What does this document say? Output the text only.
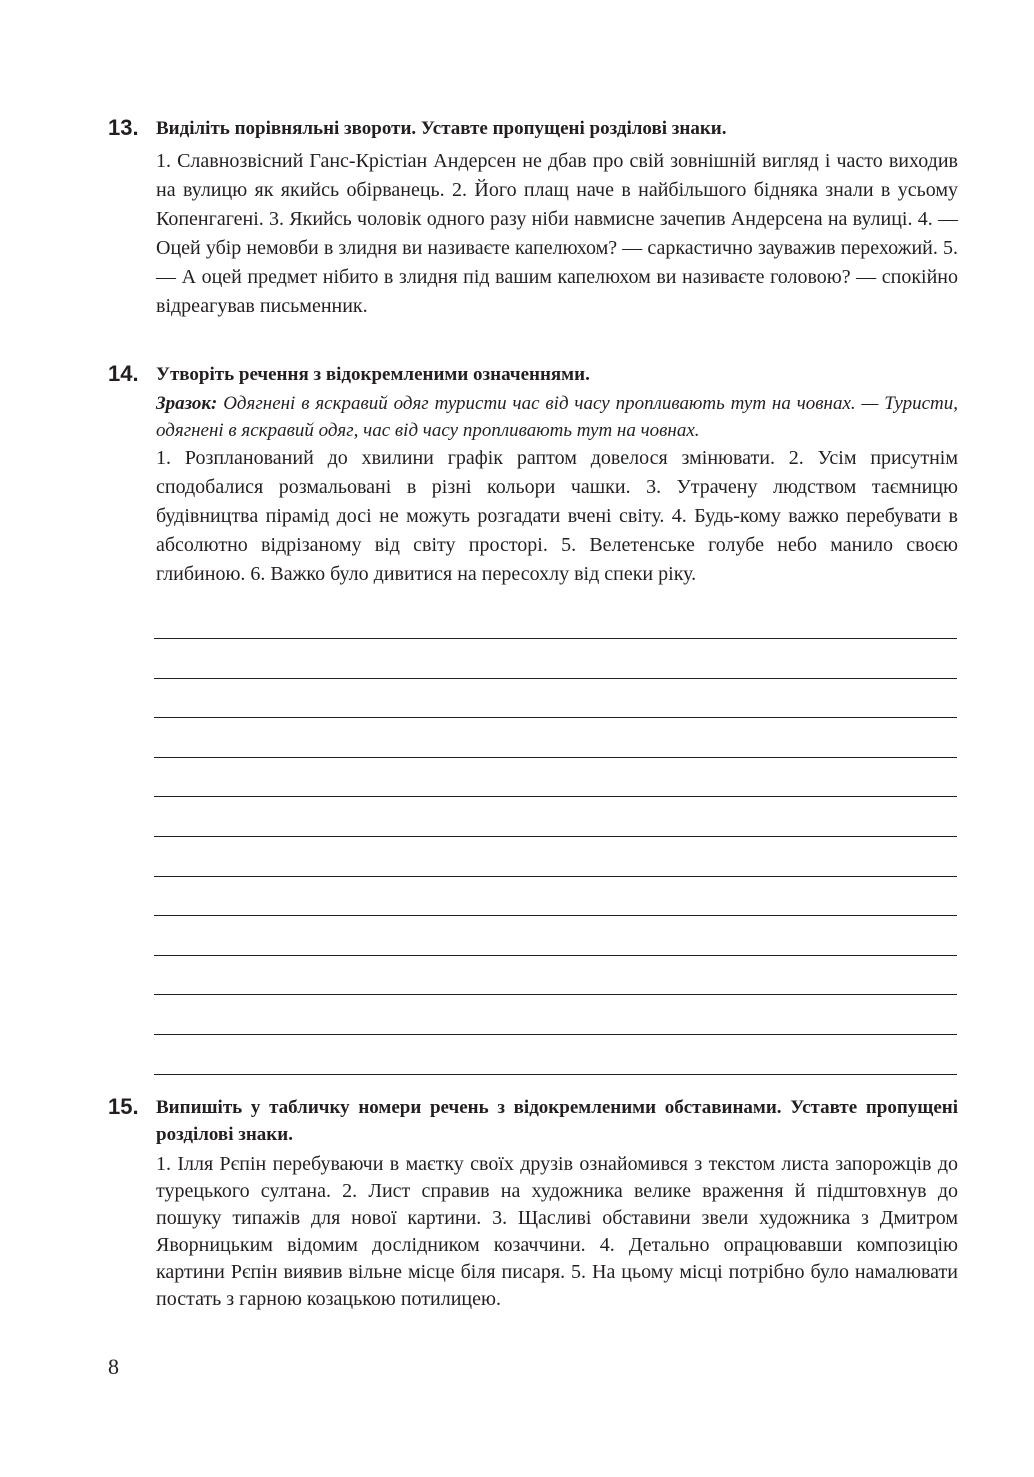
13. Виділіть порівняльні звороти. Уставте пропущені розділові знаки.
1. Славнозвісний Ганс-Крістіан Андерсен не дбав про свій зовнішній вигляд і часто виходив на вулицю як якийсь обірванець. 2. Його плащ наче в найбільшого бідняка знали в усьому Копенгагені. 3. Якийсь чоловік одного разу ніби навмисне зачепив Андерсена на вулиці. 4. — Оцей убір немовби в злидня ви називаєте капелюхом? — саркастично зауважив перехожий. 5. — А оцей предмет нібито в злидня під вашим капелюхом ви називаєте головою? — спокійно відреагував письменник.
14. Утворіть речення з відокремленими означеннями.
Зразок: Одягнені в яскравий одяг туристи час від часу пропливають тут на човнах. — Туристи, одягнені в яскравий одяг, час від часу пропливають тут на човнах.
1. Розпланований до хвилини графік раптом довелося змінювати. 2. Усім присутнім сподобалися розмальовані в різні кольори чашки. 3. Утрачену людством таємницю будівництва пірамід досі не можуть розгадати вчені світу. 4. Будь-кому важко перебувати в абсолютно відрізаному від світу просторі. 5. Велетенське голубе небо манило своєю глибиною. 6. Важко було дивитися на пересохлу від спеки ріку.
15. Випишіть у табличку номери речень з відокремленими обставинами. Уставте пропущені розділові знаки.
1. Ілля Рєпін перебуваючи в маєтку своїх друзів ознайомився з текстом листа запорожців до турецького султана. 2. Лист справив на художника велике враження й підштовхнув до пошуку типажів для нової картини. 3. Щасливі обставини звели художника з Дмитром Яворницьким відомим дослідником козаччини. 4. Детально опрацювавши композицію картини Рєпін виявив вільне місце біля писаря. 5. На цьому місці потрібно було намалювати постать з гарною козацькою потилицею.
8
